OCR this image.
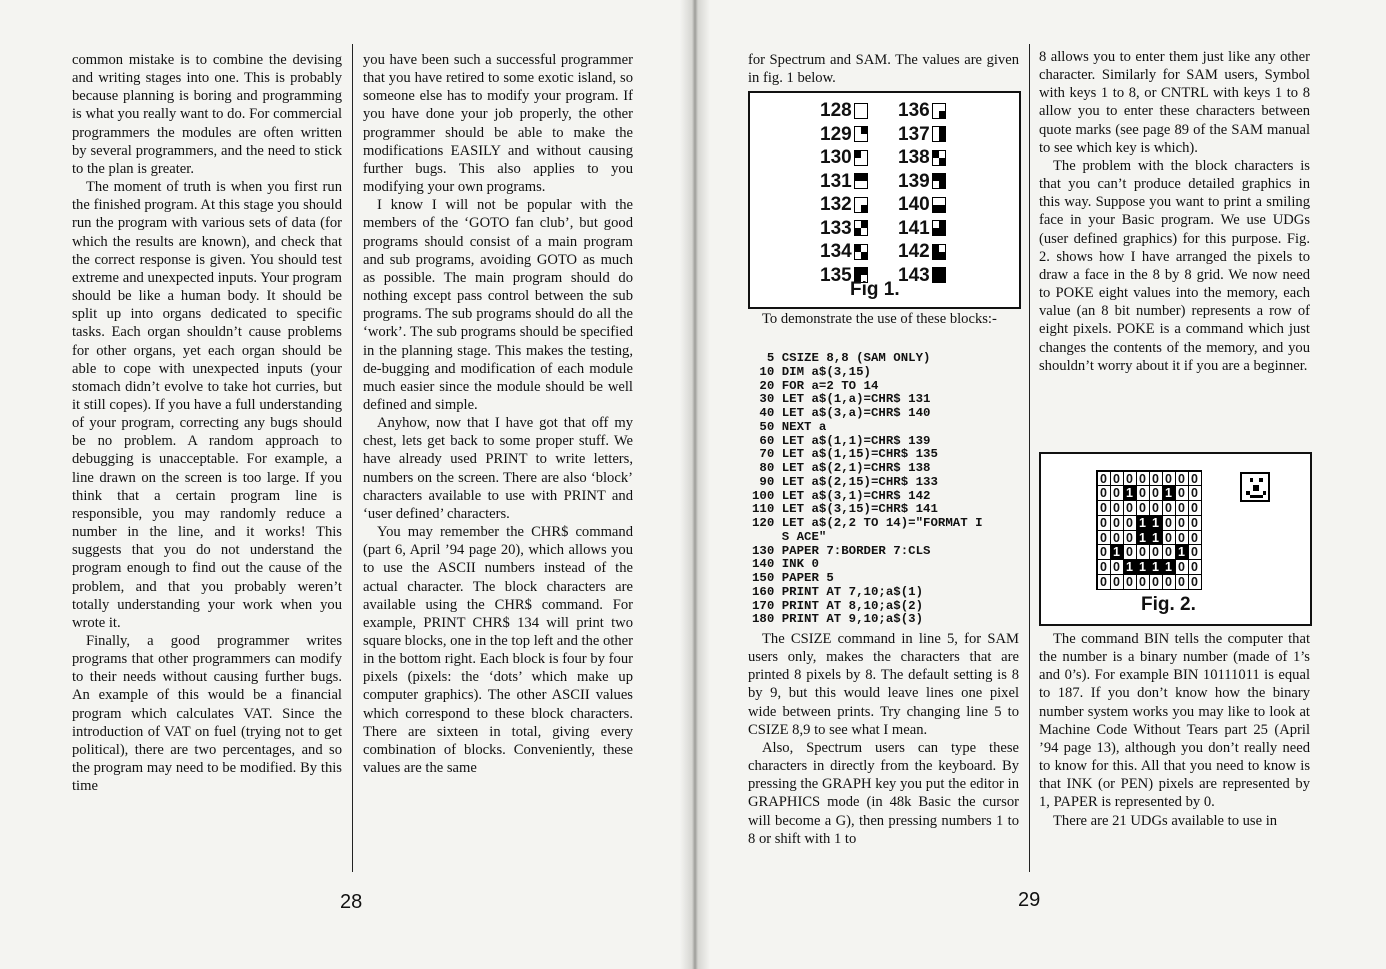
common mistake is to combine the devising and writing stages into one. This is probably because planning is boring and programming is what you really want to do. For commercial programmers the modules are often written by several programmers, and the need to stick to the plan is greater.

The moment of truth is when you first run the finished program. At this stage you should run the program with various sets of data (for which the results are known), and check that the correct response is given. You should test extreme and unexpected inputs. Your program should be like a human body. It should be split up into organs dedicated to specific tasks. Each organ shouldn’t cause problems for other organs, yet each organ should be able to cope with unexpected inputs (your stomach didn’t evolve to take hot curries, but it still copes). If you have a full understanding of your program, correcting any bugs should be no problem. A random approach to debugging is unacceptable. For example, a line drawn on the screen is too large. If you think that a certain program line is responsible, you may randomly reduce a number in the line, and it works! This suggests that you do not understand the program enough to find out the cause of the problem, and that you probably weren’t totally understanding your work when you wrote it.

Finally, a good programmer writes programs that other programmers can modify to their needs without causing further bugs. An example of this would be a financial program which calculates VAT. Since the introduction of VAT on fuel (trying not to get political), there are two percentages, and so the program may need to be modified. By this time

you have been such a successful programmer that you have retired to some exotic island, so someone else has to modify your program. If you have done your job properly, the other programmer should be able to make the modifications EASILY and without causing further bugs. This also applies to you modifying your own programs.

I know I will not be popular with the members of the ‘GOTO fan club’, but good programs should consist of a main program and sub programs, avoiding GOTO as much as possible. The main program should do nothing except pass control between the sub programs. The sub programs should do all the ‘work’. The sub programs should be specified in the planning stage. This makes the testing, de-bugging and modification of each module much easier since the module should be well defined and simple.

Anyhow, now that I have got that off my chest, lets get back to some proper stuff. We have already used PRINT to write letters, numbers on the screen. There are also ‘block’ characters available to use with PRINT and ‘user defined’ characters.

You may remember the CHR$ command (part 6, April ’94 page 20), which allows you to use the ASCII numbers instead of the actual character. The block characters are available using the CHR$ command. For example, PRINT CHR$ 134 will print two square blocks, one in the top left and the other in the bottom right. Each block is four by four pixels (pixels: the ‘dots’ which make up computer graphics). The other ASCII values which correspond to these block characters. There are sixteen in total, giving every combination of blocks. Conveniently, these values are the same

28

for Spectrum and SAM. The values are given in fig. 1 below.

128 136
129 137
130 138
131 139
132 140
133 141
134 142
135 143
Fig 1.

To demonstrate the use of these blocks:-

5 CSIZE 8,8 (SAM ONLY)
10 DIM a$(3,15)
20 FOR a=2 TO 14
30 LET a$(1,a)=CHR$ 131
40 LET a$(3,a)=CHR$ 140
50 NEXT a
60 LET a$(1,1)=CHR$ 139
70 LET a$(1,15)=CHR$ 135
80 LET a$(2,1)=CHR$ 138
90 LET a$(2,15)=CHR$ 133
100 LET a$(3,1)=CHR$ 142
110 LET a$(3,15)=CHR$ 141
120 LET a$(2,2 TO 14)="FORMAT I
S ACE"
130 PAPER 7:BORDER 7:CLS
140 INK 0
150 PAPER 5
160 PRINT AT 7,10;a$(1)
170 PRINT AT 8,10;a$(2)
180 PRINT AT 9,10;a$(3)

The CSIZE command in line 5, for SAM users only, makes the characters that are printed 8 pixels by 8. The default setting is 8 by 9, but this would leave lines one pixel wide between prints. Try changing line 5 to CSIZE 8,9 to see what I mean.

Also, Spectrum users can type these characters in directly from the keyboard. By pressing the GRAPH key you put the editor in GRAPHICS mode (in 48k Basic the cursor will become a G), then pressing numbers 1 to 8 or shift with 1 to

8 allows you to enter them just like any other character. Similarly for SAM users, Symbol with keys 1 to 8, or CNTRL with keys 1 to 8 allow you to enter these characters between quote marks (see page 89 of the SAM manual to see which key is which).

The problem with the block characters is that you can’t produce detailed graphics in this way. Suppose you want to print a smiling face in your Basic program. We use UDGs (user defined graphics) for this purpose. Fig. 2. shows how I have arranged the pixels to draw a face in the 8 by 8 grid. We now need to POKE eight values into the memory, each value (an 8 bit number) represents a row of eight pixels. POKE is a command which just changes the contents of the memory, and you shouldn’t worry about it if you are a beginner.

0 0 0 0 0 0 0 0
0 0 1 0 0 1 0 0
0 0 0 0 0 0 0 0
0 0 0 1 1 0 0 0
0 0 0 1 1 0 0 0
0 1 0 0 0 0 1 0
0 0 1 1 1 1 0 0
0 0 0 0 0 0 0 0
Fig. 2.

The command BIN tells the computer that the number is a binary number (made of 1’s and 0’s). For example BIN 10111011 is equal to 187. If you don’t know how the binary number system works you may like to look at Machine Code Without Tears part 25 (April ’94 page 13), although you don’t really need to know for this. All that you need to know is that INK (or PEN) pixels are represented by 1, PAPER is represented by 0.

There are 21 UDGs available to use in

29
